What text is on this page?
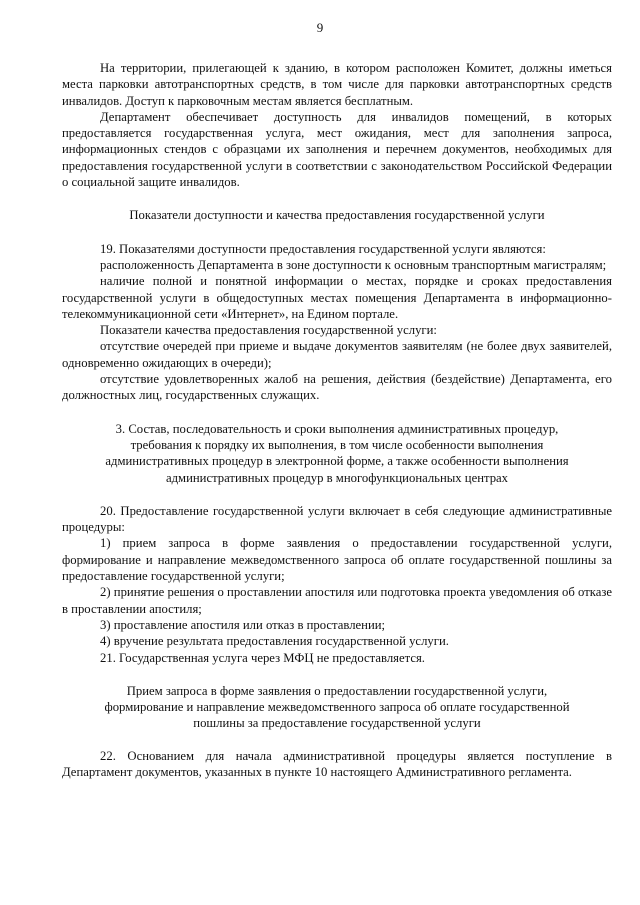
9

На территории, прилегающей к зданию, в котором расположен Комитет, должны иметься места парковки автотранспортных средств, в том числе для парковки автотранспортных средств инвалидов. Доступ к парковочным местам является бесплатным.

Департамент обеспечивает доступность для инвалидов помещений, в которых предоставляется государственная услуга, мест ожидания, мест для заполнения запроса, информационных стендов с образцами их заполнения и перечнем документов, необходимых для предоставления государственной услуги в соответствии с законодательством Российской Федерации о социальной защите инвалидов.

Показатели доступности и качества предоставления государственной услуги

19. Показателями доступности предоставления государственной услуги являются:

расположенность Департамента в зоне доступности к основным транспортным магистралям;

наличие полной и понятной информации о местах, порядке и сроках предоставления государственной услуги в общедоступных местах помещения Департамента в информационно-телекоммуникационной сети «Интернет», на Едином портале.

Показатели качества предоставления государственной услуги:

отсутствие очередей при приеме и выдаче документов заявителям (не более двух заявителей, одновременно ожидающих в очереди);

отсутствие удовлетворенных жалоб на решения, действия (бездействие) Департамента, его должностных лиц, государственных служащих.

3. Состав, последовательность и сроки выполнения административных процедур,

требования к порядку их выполнения, в том числе особенности выполнения

административных процедур в электронной форме, а также особенности выполнения

административных процедур в многофункциональных центрах

20. Предоставление государственной услуги включает в себя следующие административные процедуры:

1) прием запроса в форме заявления о предоставлении государственной услуги, формирование и направление межведомственного запроса об оплате государственной пошлины за предоставление государственной услуги;

2) принятие решения о проставлении апостиля или подготовка проекта уведомления об отказе в проставлении апостиля;

3) проставление апостиля или отказ в проставлении;

4) вручение результата предоставления государственной услуги.

21. Государственная услуга через МФЦ не предоставляется.

Прием запроса в форме заявления о предоставлении государственной услуги,

формирование и направление межведомственного запроса об оплате государственной

пошлины за предоставление государственной услуги

22. Основанием для начала административной процедуры является поступление в Департамент документов, указанных в пункте 10 настоящего Административного регламента.
